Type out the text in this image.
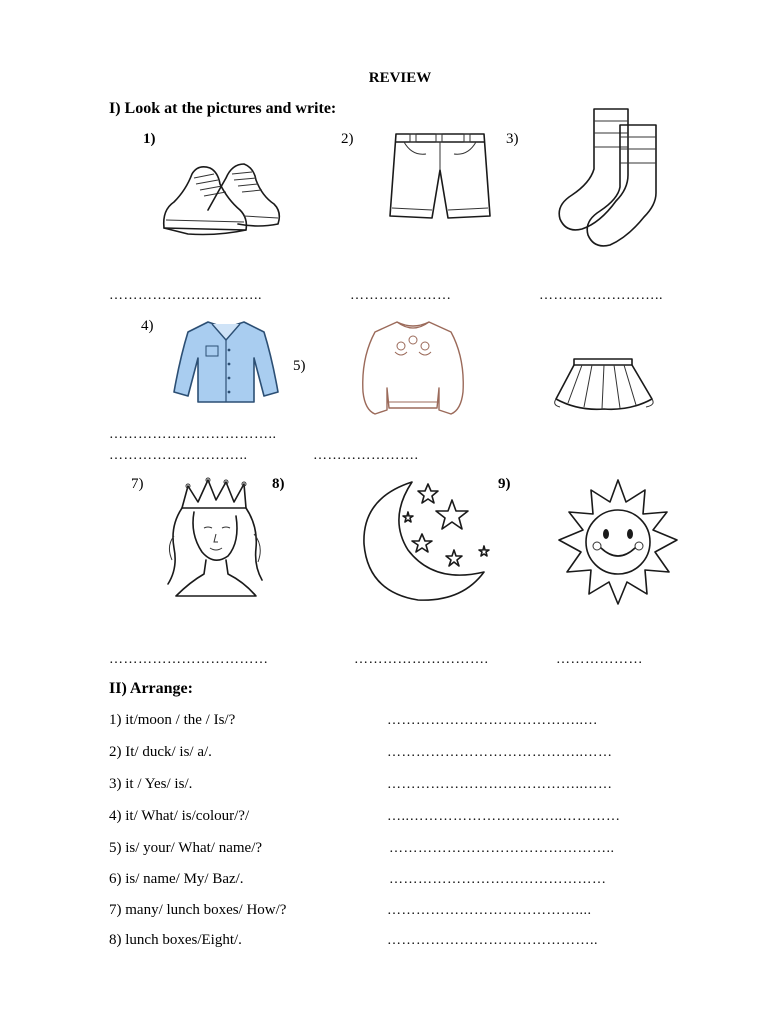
REVIEW
I) Look at the pictures and write:
1)	2)	3)
…………………………..	…………………	……………………..
4)
5)
……………………………..
………………………..	………………….
7)	8)	9)
……………………………	……………………….	………………
II) Arrange:
1) it/moon / the / Is/?	…………………………………..…
2) It/ duck/ is/ a/.	…………………………………..……
3) it / Yes/ is/.	…………………………………..……
4) it/ What/ is/colour/?/	…..…………………………..…………
5) is/ your/ What/ name/?	………………………………………..
6) is/ name/ My/ Baz/.	………………………………………
7) many/ lunch boxes/ How/?	…………………………………....
8) lunch boxes/Eight/.	……………………………………..
